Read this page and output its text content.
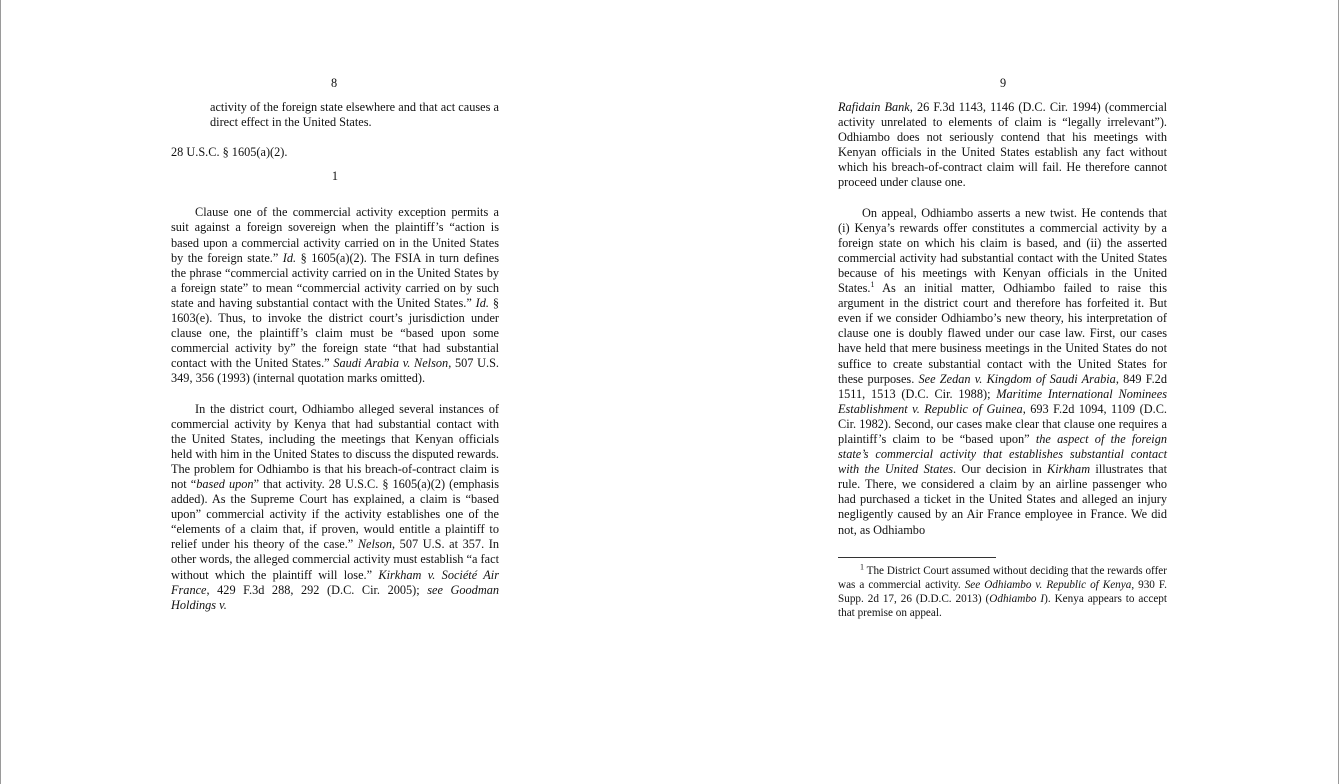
8

activity of the foreign state elsewhere and that act causes a direct effect in the United States.

28 U.S.C. § 1605(a)(2).

1

Clause one of the commercial activity exception permits a suit against a foreign sovereign when the plaintiff’s “action is based upon a commercial activity carried on in the United States by the foreign state.” Id. § 1605(a)(2). The FSIA in turn defines the phrase “commercial activity carried on in the United States by a foreign state” to mean “commercial activity carried on by such state and having substantial contact with the United States.” Id. § 1603(e). Thus, to invoke the district court’s jurisdiction under clause one, the plaintiff’s claim must be “based upon some commercial activity by” the foreign state “that had substantial contact with the United States.” Saudi Arabia v. Nelson, 507 U.S. 349, 356 (1993) (internal quotation marks omitted).

In the district court, Odhiambo alleged several instances of commercial activity by Kenya that had substantial contact with the United States, including the meetings that Kenyan officials held with him in the United States to discuss the disputed rewards. The problem for Odhiambo is that his breach-of-contract claim is not “based upon” that activity. 28 U.S.C. § 1605(a)(2) (emphasis added). As the Supreme Court has explained, a claim is “based upon” commercial activity if the activity establishes one of the “elements of a claim that, if proven, would entitle a plaintiff to relief under his theory of the case.” Nelson, 507 U.S. at 357. In other words, the alleged commercial activity must establish “a fact without which the plaintiff will lose.” Kirkham v. Société Air France, 429 F.3d 288, 292 (D.C. Cir. 2005); see Goodman Holdings v.

9

Rafidain Bank, 26 F.3d 1143, 1146 (D.C. Cir. 1994) (commercial activity unrelated to elements of claim is “legally irrelevant”). Odhiambo does not seriously contend that his meetings with Kenyan officials in the United States establish any fact without which his breach-of-contract claim will fail. He therefore cannot proceed under clause one.

On appeal, Odhiambo asserts a new twist. He contends that (i) Kenya’s rewards offer constitutes a commercial activity by a foreign state on which his claim is based, and (ii) the asserted commercial activity had substantial contact with the United States because of his meetings with Kenyan officials in the United States.$^1$ As an initial matter, Odhiambo failed to raise this argument in the district court and therefore has forfeited it. But even if we consider Odhiambo’s new theory, his interpretation of clause one is doubly flawed under our case law. First, our cases have held that mere business meetings in the United States do not suffice to create substantial contact with the United States for these purposes. See Zedan v. Kingdom of Saudi Arabia, 849 F.2d 1511, 1513 (D.C. Cir. 1988); Maritime International Nominees Establishment v. Republic of Guinea, 693 F.2d 1094, 1109 (D.C. Cir. 1982). Second, our cases make clear that clause one requires a plaintiff’s claim to be “based upon” the aspect of the foreign state’s commercial activity that establishes substantial contact with the United States. Our decision in Kirkham illustrates that rule. There, we considered a claim by an airline passenger who had purchased a ticket in the United States and alleged an injury negligently caused by an Air France employee in France. We did not, as Odhiambo

$^1$ The District Court assumed without deciding that the rewards offer was a commercial activity. See Odhiambo v. Republic of Kenya, 930 F. Supp. 2d 17, 26 (D.D.C. 2013) (Odhiambo I). Kenya appears to accept that premise on appeal.
